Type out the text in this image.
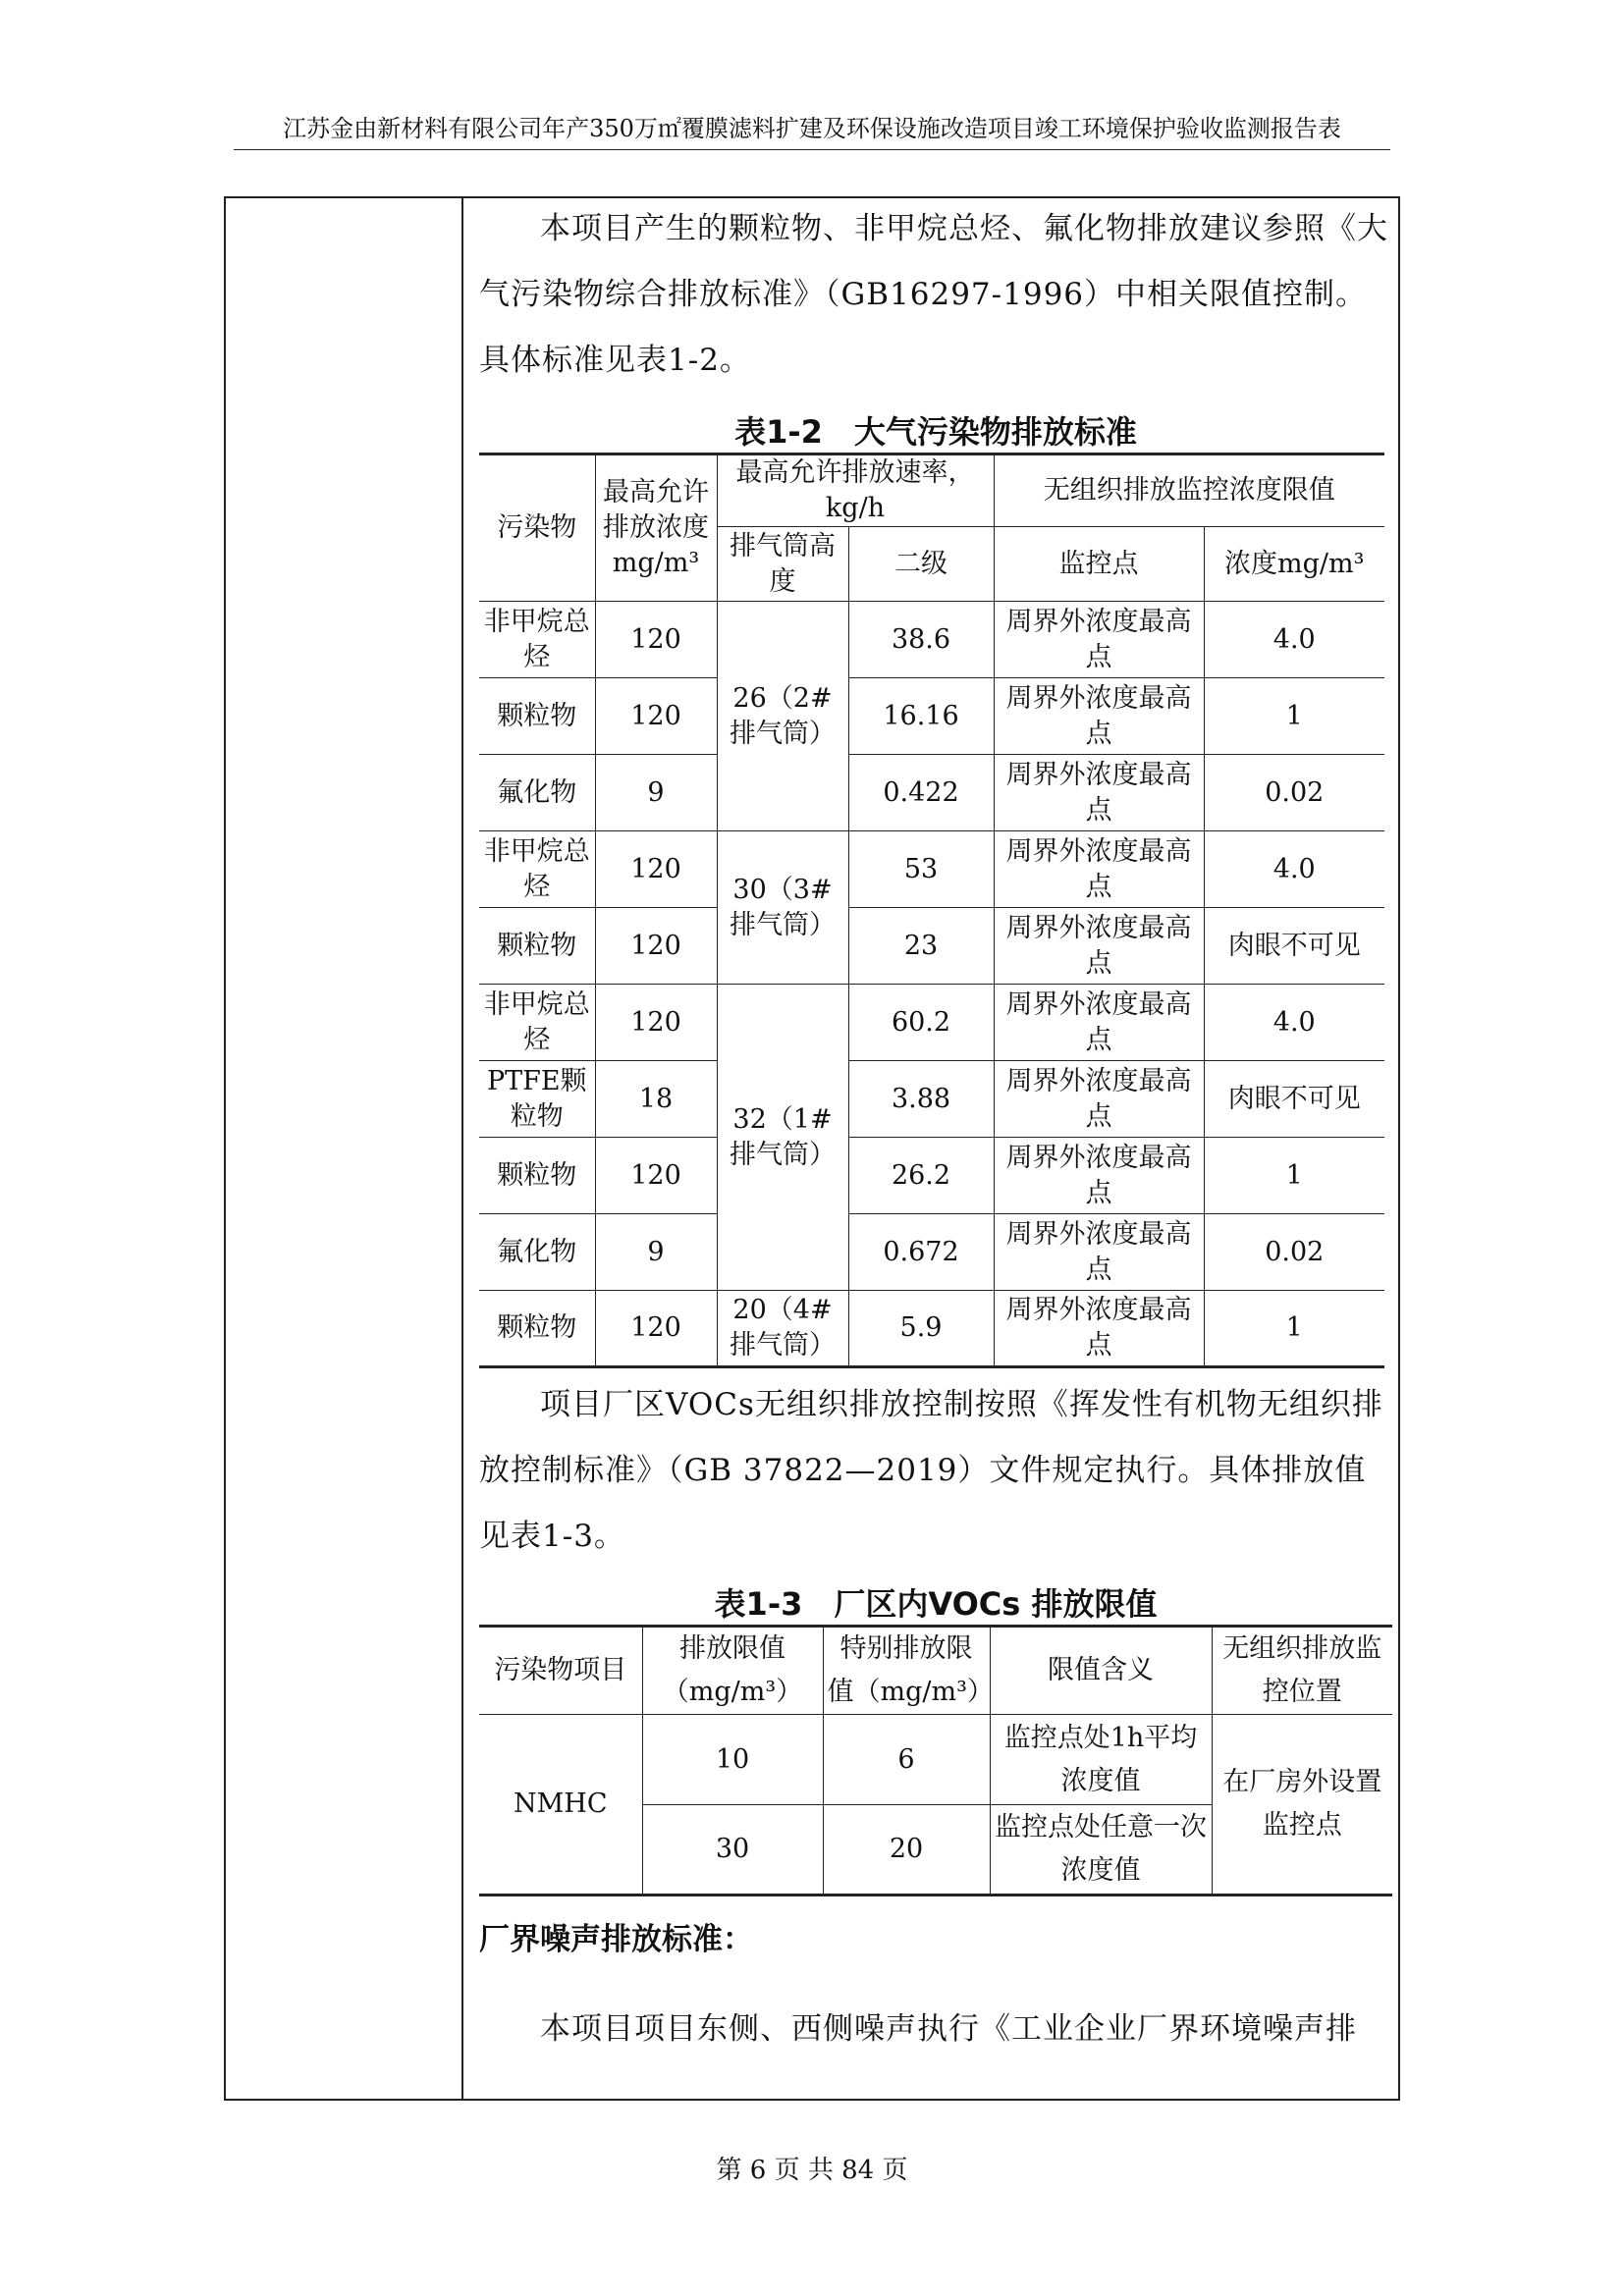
江苏金由新材料有限公司年产350万㎡覆膜滤料扩建及环保设施改造项目竣工环境保护验收监测报告表

本项目产生的颗粒物、非甲烷总烃、氟化物排放建议参照《大气污染物综合排放标准》（GB16297-1996）中相关限值控制。具体标准见表1-2。

表1-2　大气污染物排放标准

污染物	最高允许排放浓度mg/m³	最高允许排放速率，kg/h		无组织排放监控浓度限值	
		排气筒高度	二级	监控点	浓度mg/m³
非甲烷总烃	120	26（2#排气筒）	38.6	周界外浓度最高点	4.0
颗粒物	120		16.16	周界外浓度最高点	1
氟化物	9		0.422	周界外浓度最高点	0.02
非甲烷总烃	120	30（3#排气筒）	53	周界外浓度最高点	4.0
颗粒物	120		23	周界外浓度最高点	肉眼不可见
非甲烷总烃	120	32（1#排气筒）	60.2	周界外浓度最高点	4.0
PTFE颗粒物	18		3.88	周界外浓度最高点	肉眼不可见
颗粒物	120		26.2	周界外浓度最高点	1
氟化物	9		0.672	周界外浓度最高点	0.02
颗粒物	120	20（4#排气筒）	5.9	周界外浓度最高点	1

项目厂区VOCs无组织排放控制按照《挥发性有机物无组织排放控制标准》（GB 37822—2019）文件规定执行。具体排放值见表1-3。

表1-3　厂区内VOCs 排放限值

污染物项目	排放限值（mg/m³）	特别排放限值（mg/m³）	限值含义	无组织排放监控位置
NMHC	10	6	监控点处1h平均浓度值	在厂房外设置监控点
	30	20	监控点处任意一次浓度值	

厂界噪声排放标准：

本项目项目东侧、西侧噪声执行《工业企业厂界环境噪声排

第 6 页 共 84 页
